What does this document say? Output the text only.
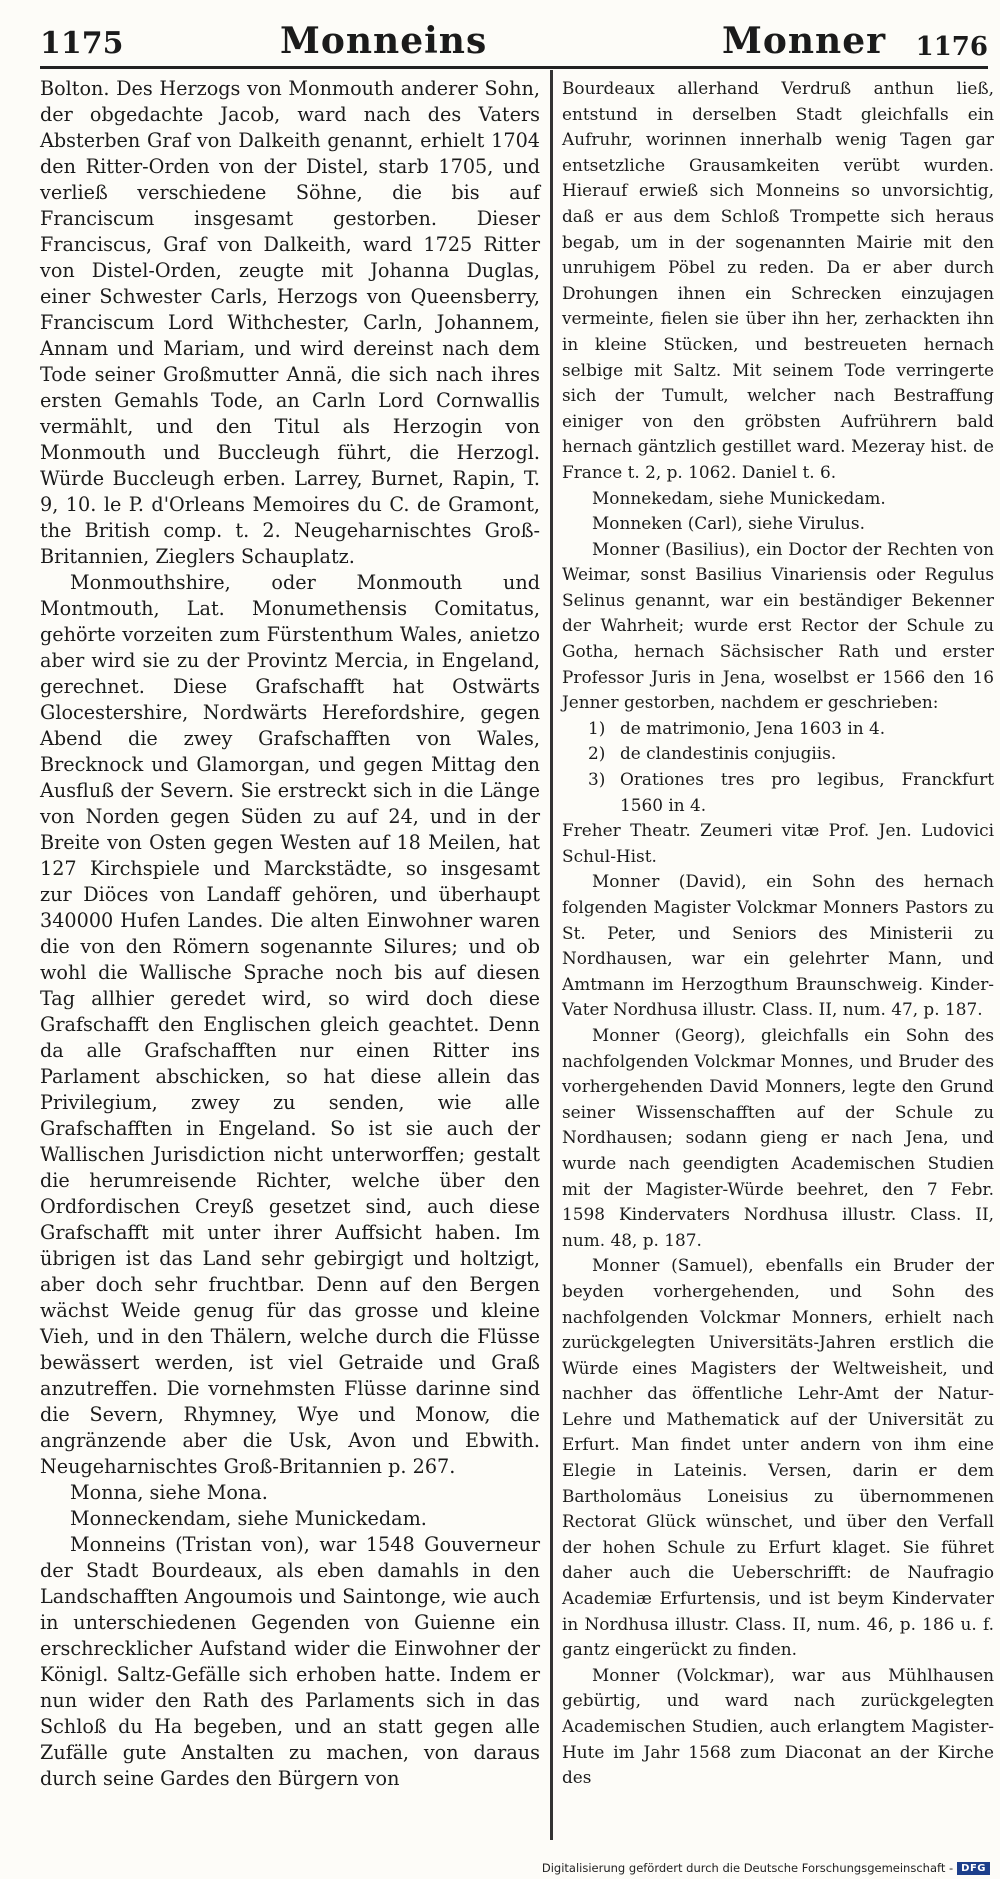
1175	Monneins	Monner 1176

Bolton. Des Herzogs von Monmouth anderer Sohn, der obgedachte Jacob, ward nach des Vaters Absterben Graf von Dalkeith genannt, erhielt 1704 den Ritter-Orden von der Distel, starb 1705, und verließ verschiedene Söhne, die bis auf Franciscum insgesamt gestorben. Dieser Franciscus, Graf von Dalkeith, ward 1725 Ritter von Distel-Orden, zeugte mit Johanna Duglas, einer Schwester Carls, Herzogs von Queensberry, Franciscum Lord Withchester, Carln, Johannem, Annam und Mariam, und wird dereinst nach dem Tode seiner Großmutter Annä, die sich nach ihres ersten Gemahls Tode, an Carln Lord Cornwallis vermählt, und den Titul als Herzogin von Monmouth und Buccleugh führt, die Herzogl. Würde Buccleugh erben. Larrey, Burnet, Rapin, T. 9, 10. le P. d'Orleans Memoires du C. de Gramont, the British comp. t. 2. Neugeharnischtes Groß-Britannien, Zieglers Schauplatz.

Monmouthshire, oder Monmouth und Montmouth, Lat. Monumethensis Comitatus, gehörte vorzeiten zum Fürstenthum Wales, anietzo aber wird sie zu der Provintz Mercia, in Engeland, gerechnet. Diese Grafschafft hat Ostwärts Glocestershire, Nordwärts Herefordshire, gegen Abend die zwey Grafschafften von Wales, Brecknock und Glamorgan, und gegen Mittag den Ausfluß der Severn. Sie erstreckt sich in die Länge von Norden gegen Süden zu auf 24, und in der Breite von Osten gegen Westen auf 18 Meilen, hat 127 Kirchspiele und Marckstädte, so insgesamt zur Diöces von Landaff gehören, und überhaupt 340000 Hufen Landes. Die alten Einwohner waren die von den Römern sogenannte Silures; und ob wohl die Wallische Sprache noch bis auf diesen Tag allhier geredet wird, so wird doch diese Grafschafft den Englischen gleich geachtet. Denn da alle Grafschafften nur einen Ritter ins Parlament abschicken, so hat diese allein das Privilegium, zwey zu senden, wie alle Grafschafften in Engeland. So ist sie auch der Wallischen Jurisdiction nicht unterworffen; gestalt die herumreisende Richter, welche über den Ordfordischen Creyß gesetzet sind, auch diese Grafschafft mit unter ihrer Auffsicht haben. Im übrigen ist das Land sehr gebirgigt und holtzigt, aber doch sehr fruchtbar. Denn auf den Bergen wächst Weide genug für das grosse und kleine Vieh, und in den Thälern, welche durch die Flüsse bewässert werden, ist viel Getraide und Graß anzutreffen. Die vornehmsten Flüsse darinne sind die Severn, Rhymney, Wye und Monow, die angränzende aber die Usk, Avon und Ebwith. Neugeharnischtes Groß-Britannien p. 267.

Monna, siehe Mona.

Monneckendam, siehe Munickedam.

Monneins (Tristan von), war 1548 Gouverneur der Stadt Bourdeaux, als eben damahls in den Landschafften Angoumois und Saintonge, wie auch in unterschiedenen Gegenden von Guienne ein erschrecklicher Aufstand wider die Einwohner der Königl. Saltz-Gefälle sich erhoben hatte. Indem er nun wider den Rath des Parlaments sich in das Schloß du Ha begeben, und an statt gegen alle Zufälle gute Anstalten zu machen, von daraus durch seine Gardes den Bürgern von

Bourdeaux allerhand Verdruß anthun ließ, entstund in derselben Stadt gleichfalls ein Aufruhr, worinnen innerhalb wenig Tagen gar entsetzliche Grausamkeiten verübt wurden. Hierauf erwieß sich Monneins so unvorsichtig, daß er aus dem Schloß Trompette sich heraus begab, um in der sogenannten Mairie mit den unruhigem Pöbel zu reden. Da er aber durch Drohungen ihnen ein Schrecken einzujagen vermeinte, fielen sie über ihn her, zerhackten ihn in kleine Stücken, und bestreueten hernach selbige mit Saltz. Mit seinem Tode verringerte sich der Tumult, welcher nach Bestraffung einiger von den gröbsten Aufrührern bald hernach gäntzlich gestillet ward. Mezeray hist. de France t. 2, p. 1062. Daniel t. 6.

Monnekedam, siehe Munickedam.

Monneken (Carl), siehe Virulus.

Monner (Basilius), ein Doctor der Rechten von Weimar, sonst Basilius Vinariensis oder Regulus Selinus genannt, war ein beständiger Bekenner der Wahrheit; wurde erst Rector der Schule zu Gotha, hernach Sächsischer Rath und erster Professor Juris in Jena, woselbst er 1566 den 16 Jenner gestorben, nachdem er geschrieben:

1) de matrimonio, Jena 1603 in 4.
2) de clandestinis conjugiis.
3) Orationes tres pro legibus, Franckfurt 1560 in 4.

Freher Theatr. Zeumeri vitæ Prof. Jen. Ludovici Schul-Hist.

Monner (David), ein Sohn des hernach folgenden Magister Volckmar Monners Pastors zu St. Peter, und Seniors des Ministerii zu Nordhausen, war ein gelehrter Mann, und Amtmann im Herzogthum Braunschweig. Kinder-Vater Nordhusa illustr. Class. II, num. 47, p. 187.

Monner (Georg), gleichfalls ein Sohn des nachfolgenden Volckmar Monnes, und Bruder des vorhergehenden David Monners, legte den Grund seiner Wissenschafften auf der Schule zu Nordhausen; sodann gieng er nach Jena, und wurde nach geendigten Academischen Studien mit der Magister-Würde beehret, den 7 Febr. 1598 Kindervaters Nordhusa illustr. Class. II, num. 48, p. 187.

Monner (Samuel), ebenfalls ein Bruder der beyden vorhergehenden, und Sohn des nachfolgenden Volckmar Monners, erhielt nach zurückgelegten Universitäts-Jahren erstlich die Würde eines Magisters der Weltweisheit, und nachher das öffentliche Lehr-Amt der Natur-Lehre und Mathematick auf der Universität zu Erfurt. Man findet unter andern von ihm eine Elegie in Lateinis. Versen, darin er dem Bartholomäus Loneisius zu übernommenen Rectorat Glück wünschet, und über den Verfall der hohen Schule zu Erfurt klaget. Sie führet daher auch die Ueberschrifft: de Naufragio Academiæ Erfurtensis, und ist beym Kindervater in Nordhusa illustr. Class. II, num. 46, p. 186 u. f. gantz eingerückt zu finden.

Monner (Volckmar), war aus Mühlhausen gebürtig, und ward nach zurückgelegten Academischen Studien, auch erlangtem Magister-Hute im Jahr 1568 zum Diaconat an der Kirche des

Digitalisierung gefördert durch die Deutsche Forschungsgemeinschaft - DFG
